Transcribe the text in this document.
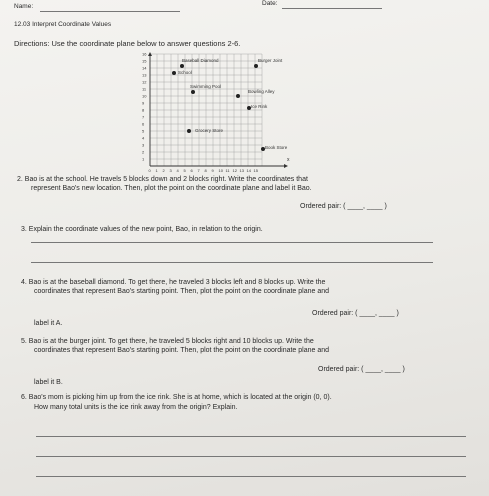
Name:	Date:
12.03 Interpret Coordinate Values
Directions: Use the coordinate plane below to answer questions 2-6.
0 1 2 3 4 5 6 7 8 9 10 11 12 13 14 15
1
2
3
4
5
6
7
8
9
10
11
12
13
14
15
16
x
Baseball Diamond	Burger Joint
School
Swimming Pool
Bowling Alley
Ice Rink
Grocery Store
Book Store
2. Bao is at the school. He travels 5 blocks down and 2 blocks right. Write the coordinates that
represent Bao's new location. Then, plot the point on the coordinate plane and label it Bao.
Ordered pair: ( ____, ____ )
3. Explain the coordinate values of the new point, Bao, in relation to the origin.
4. Bao is at the baseball diamond. To get there, he traveled 3 blocks left and 8 blocks up. Write the
coordinates that represent Bao's starting point. Then, plot the point on the coordinate plane and
label it A.
Ordered pair: ( ____, ____ )
5. Bao is at the burger joint. To get there, he traveled 5 blocks right and 10 blocks up. Write the
coordinates that represent Bao's starting point. Then, plot the point on the coordinate plane and
label it B.
Ordered pair: ( ____, ____ )
6. Bao's mom is picking him up from the ice rink. She is at home, which is located at the origin (0, 0).
How many total units is the ice rink away from the origin? Explain.
